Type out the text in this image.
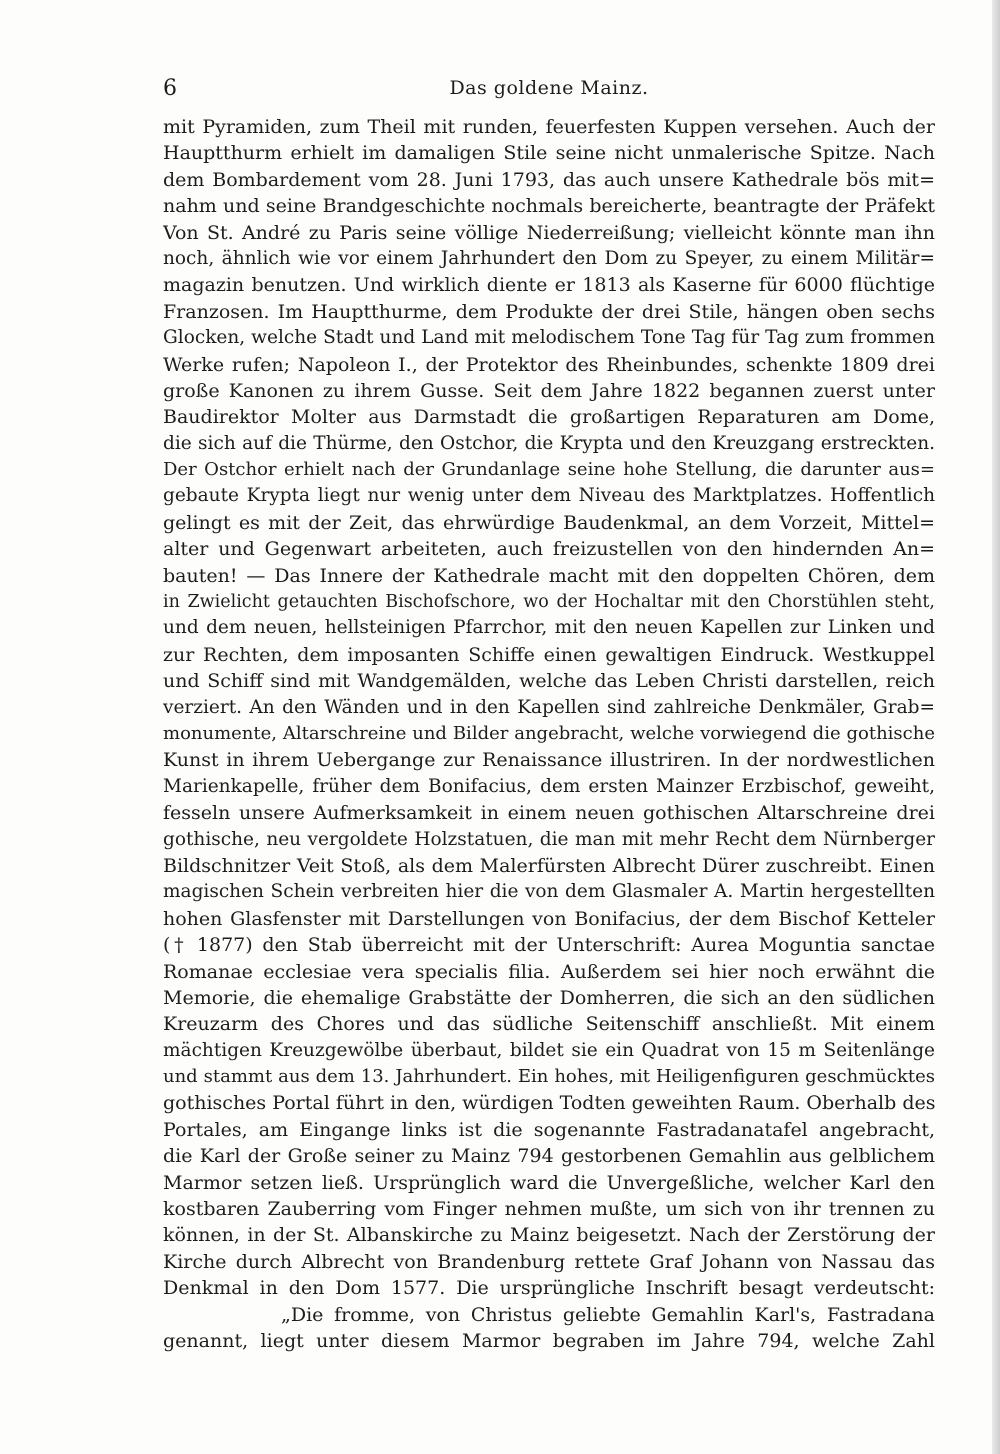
6	Das goldene Mainz.
mit Pyramiden, zum Theil mit runden, feuerfesten Kuppen versehen. Auch der
Hauptthurm erhielt im damaligen Stile seine nicht unmalerische Spitze. Nach
dem Bombardement vom 28. Juni 1793, das auch unsere Kathedrale bös mit=
nahm und seine Brandgeschichte nochmals bereicherte, beantragte der Präfekt
Von St. André zu Paris seine völlige Niederreißung; vielleicht könnte man ihn
noch, ähnlich wie vor einem Jahrhundert den Dom zu Speyer, zu einem Militär=
magazin benutzen. Und wirklich diente er 1813 als Kaserne für 6000 flüchtige
Franzosen. Im Hauptthurme, dem Produkte der drei Stile, hängen oben sechs
Glocken, welche Stadt und Land mit melodischem Tone Tag für Tag zum frommen
Werke rufen; Napoleon I., der Protektor des Rheinbundes, schenkte 1809 drei
große Kanonen zu ihrem Gusse. Seit dem Jahre 1822 begannen zuerst unter
Baudirektor Molter aus Darmstadt die großartigen Reparaturen am Dome,
die sich auf die Thürme, den Ostchor, die Krypta und den Kreuzgang erstreckten.
Der Ostchor erhielt nach der Grundanlage seine hohe Stellung, die darunter aus=
gebaute Krypta liegt nur wenig unter dem Niveau des Marktplatzes. Hoffentlich
gelingt es mit der Zeit, das ehrwürdige Baudenkmal, an dem Vorzeit, Mittel=
alter und Gegenwart arbeiteten, auch freizustellen von den hindernden An=
bauten! — Das Innere der Kathedrale macht mit den doppelten Chören, dem
in Zwielicht getauchten Bischofschore, wo der Hochaltar mit den Chorstühlen steht,
und dem neuen, hellsteinigen Pfarrchor, mit den neuen Kapellen zur Linken und
zur Rechten, dem imposanten Schiffe einen gewaltigen Eindruck. Westkuppel
und Schiff sind mit Wandgemälden, welche das Leben Christi darstellen, reich
verziert. An den Wänden und in den Kapellen sind zahlreiche Denkmäler, Grab=
monumente, Altarschreine und Bilder angebracht, welche vorwiegend die gothische
Kunst in ihrem Uebergange zur Renaissance illustriren. In der nordwestlichen
Marienkapelle, früher dem Bonifacius, dem ersten Mainzer Erzbischof, geweiht,
fesseln unsere Aufmerksamkeit in einem neuen gothischen Altarschreine drei
gothische, neu vergoldete Holzstatuen, die man mit mehr Recht dem Nürnberger
Bildschnitzer Veit Stoß, als dem Malerfürsten Albrecht Dürer zuschreibt. Einen
magischen Schein verbreiten hier die von dem Glasmaler A. Martin hergestellten
hohen Glasfenster mit Darstellungen von Bonifacius, der dem Bischof Ketteler
(† 1877) den Stab überreicht mit der Unterschrift: Aurea Moguntia sanctae
Romanae ecclesiae vera specialis filia. Außerdem sei hier noch erwähnt die
Memorie, die ehemalige Grabstätte der Domherren, die sich an den südlichen
Kreuzarm des Chores und das südliche Seitenschiff anschließt. Mit einem
mächtigen Kreuzgewölbe überbaut, bildet sie ein Quadrat von 15 m Seitenlänge
und stammt aus dem 13. Jahrhundert. Ein hohes, mit Heiligenfiguren geschmücktes
gothisches Portal führt in den, würdigen Todten geweihten Raum. Oberhalb des
Portales, am Eingange links ist die sogenannte Fastradanatafel angebracht,
die Karl der Große seiner zu Mainz 794 gestorbenen Gemahlin aus gelblichem
Marmor setzen ließ. Ursprünglich ward die Unvergeßliche, welcher Karl den
kostbaren Zauberring vom Finger nehmen mußte, um sich von ihr trennen zu
können, in der St. Albanskirche zu Mainz beigesetzt. Nach der Zerstörung der
Kirche durch Albrecht von Brandenburg rettete Graf Johann von Nassau das
Denkmal in den Dom 1577. Die ursprüngliche Inschrift besagt verdeutscht:
„Die fromme, von Christus geliebte Gemahlin Karl's, Fastradana
genannt, liegt unter diesem Marmor begraben im Jahre 794, welche Zahl
